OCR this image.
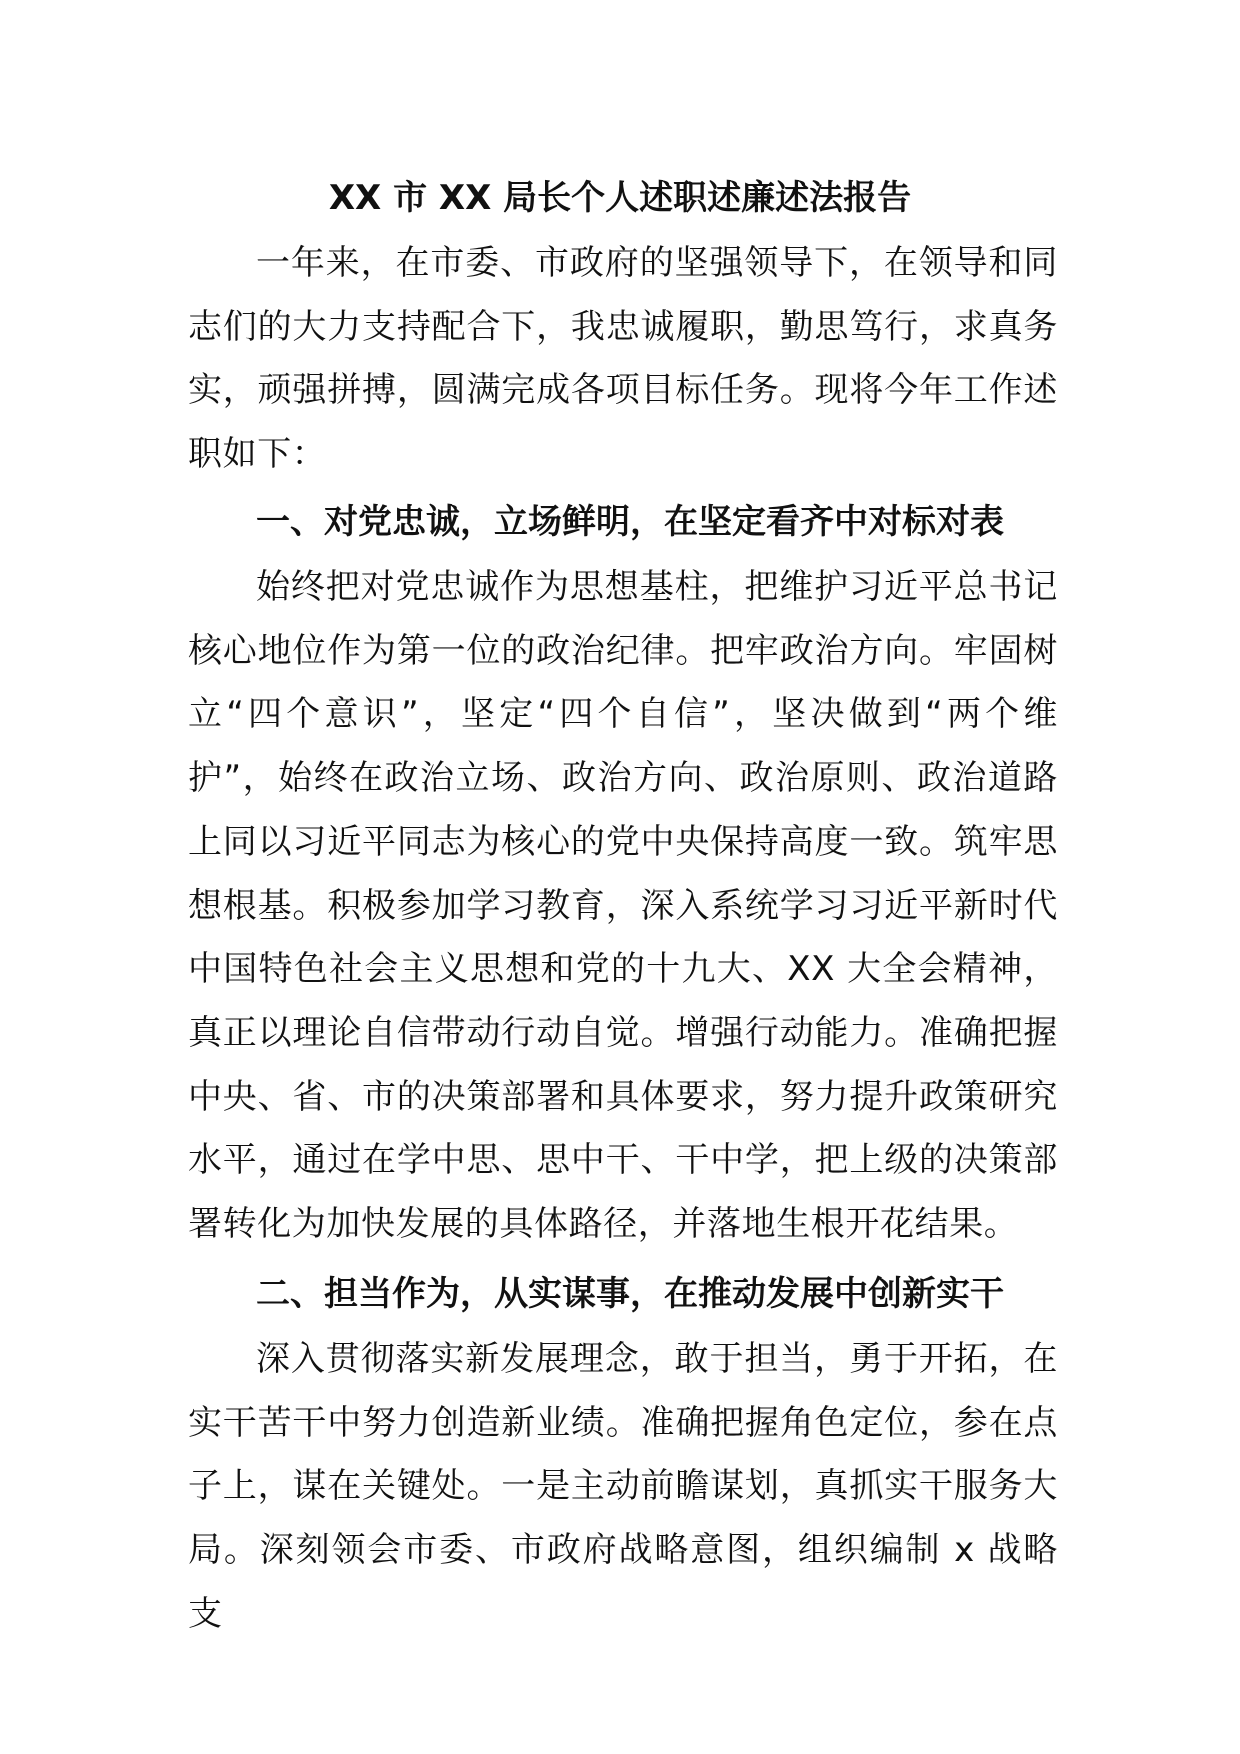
XX 市 XX 局长个人述职述廉述法报告
一年来，在市委、市政府的坚强领导下，在领导和同志们的大力支持配合下，我忠诚履职，勤思笃行，求真务实，顽强拼搏，圆满完成各项目标任务。现将今年工作述职如下：
一、对党忠诚，立场鲜明，在坚定看齐中对标对表
始终把对党忠诚作为思想基柱，把维护习近平总书记核心地位作为第一位的政治纪律。把牢政治方向。牢固树立“四个意识”，坚定“四个自信”，坚决做到“两个维护”，始终在政治立场、政治方向、政治原则、政治道路上同以习近平同志为核心的党中央保持高度一致。筑牢思想根基。积极参加学习教育，深入系统学习习近平新时代中国特色社会主义思想和党的十九大、XX 大全会精神，真正以理论自信带动行动自觉。增强行动能力。准确把握中央、省、市的决策部署和具体要求，努力提升政策研究水平，通过在学中思、思中干、干中学，把上级的决策部署转化为加快发展的具体路径，并落地生根开花结果。
二、担当作为，从实谋事，在推动发展中创新实干
深入贯彻落实新发展理念，敢于担当，勇于开拓，在实干苦干中努力创造新业绩。准确把握角色定位，参在点子上，谋在关键处。一是主动前瞻谋划，真抓实干服务大局。深刻领会市委、市政府战略意图，组织编制 x 战略支
